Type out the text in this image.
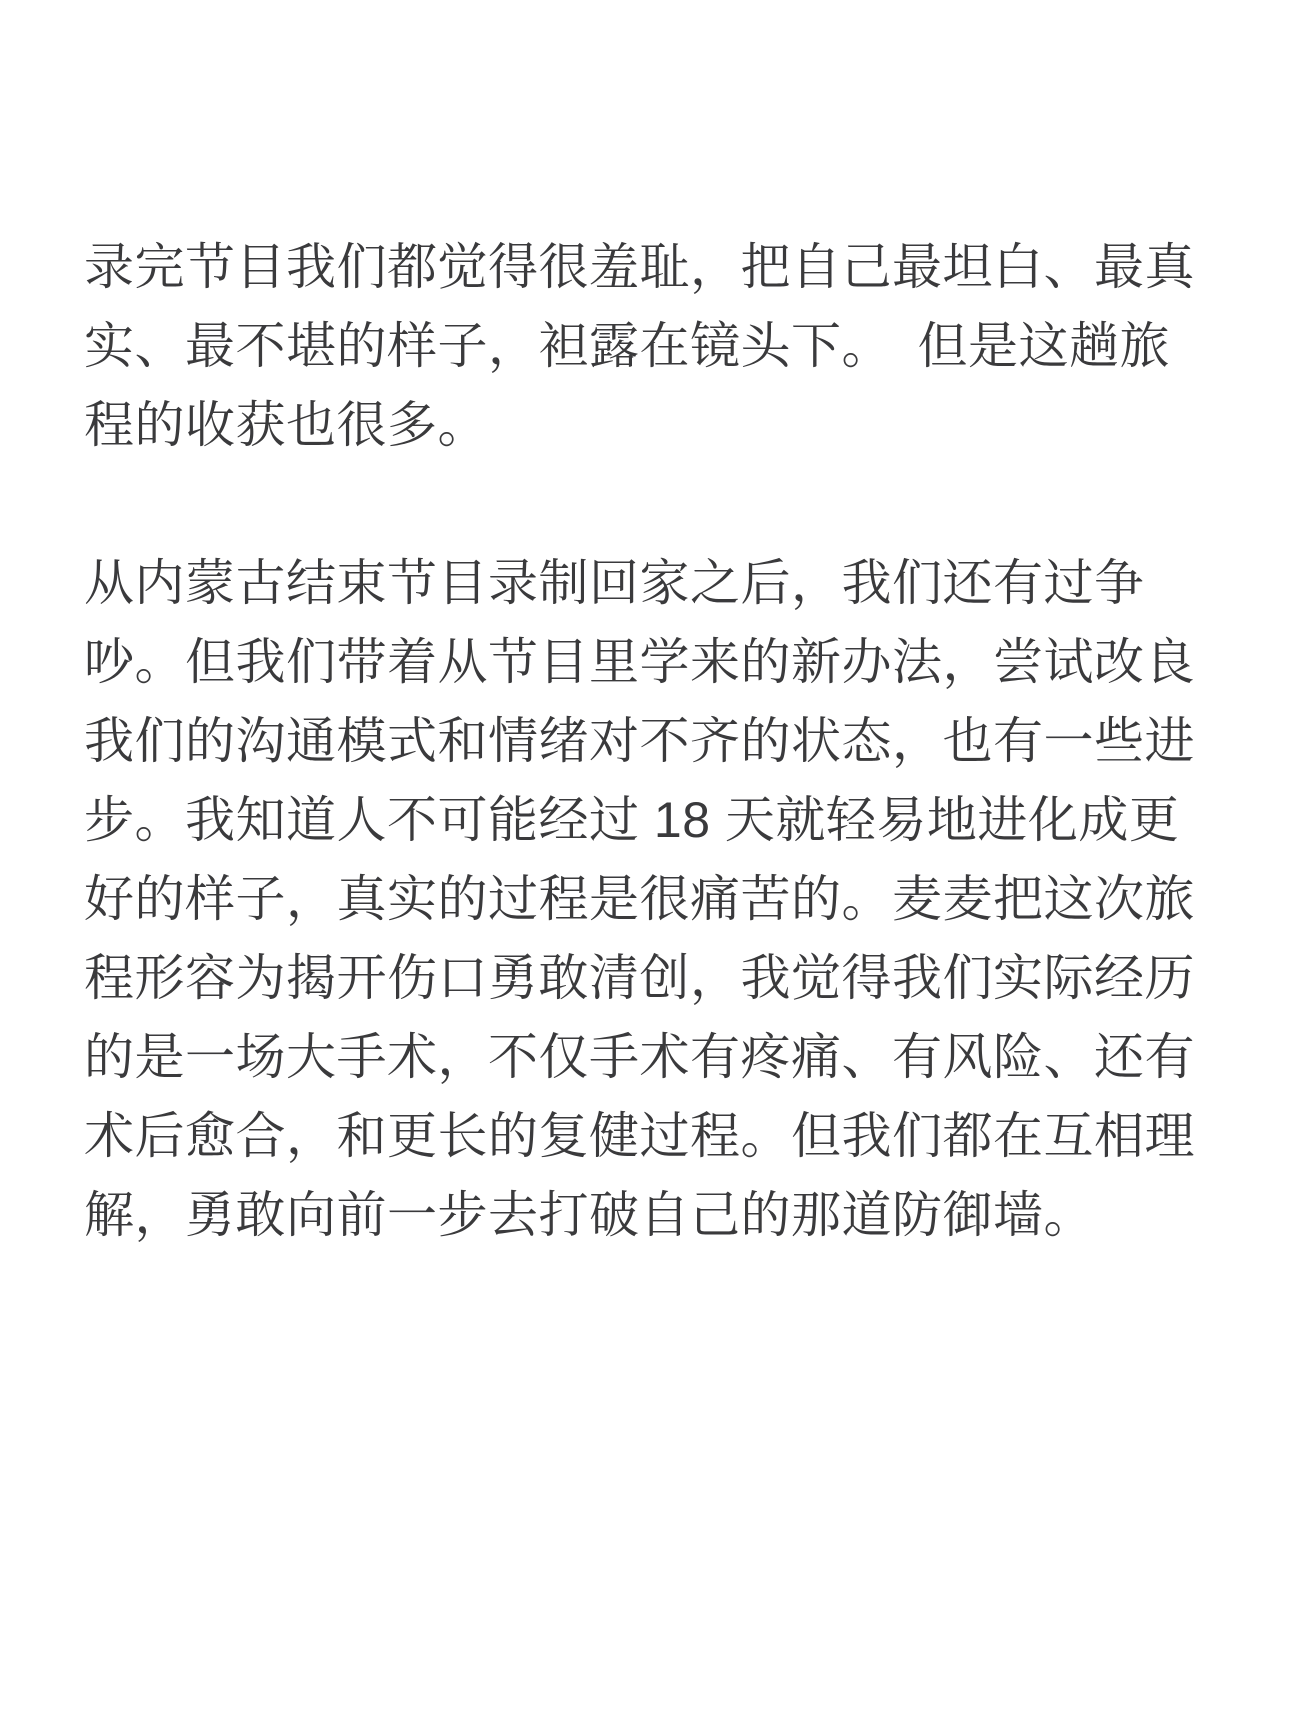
录完节目我们都觉得很羞耻，把自己最坦白、最真实、最不堪的样子，袒露在镜头下。　但是这趟旅程的收获也很多。

从内蒙古结束节目录制回家之后，我们还有过争吵。但我们带着从节目里学来的新办法，尝试改良我们的沟通模式和情绪对不齐的状态，也有一些进步。我知道人不可能经过 18 天就轻易地进化成更好的样子，真实的过程是很痛苦的。麦麦把这次旅程形容为揭开伤口勇敢清创，我觉得我们实际经历的是一场大手术，不仅手术有疼痛、有风险、还有术后愈合，和更长的复健过程。但我们都在互相理解，勇敢向前一步去打破自己的那道防御墙。
